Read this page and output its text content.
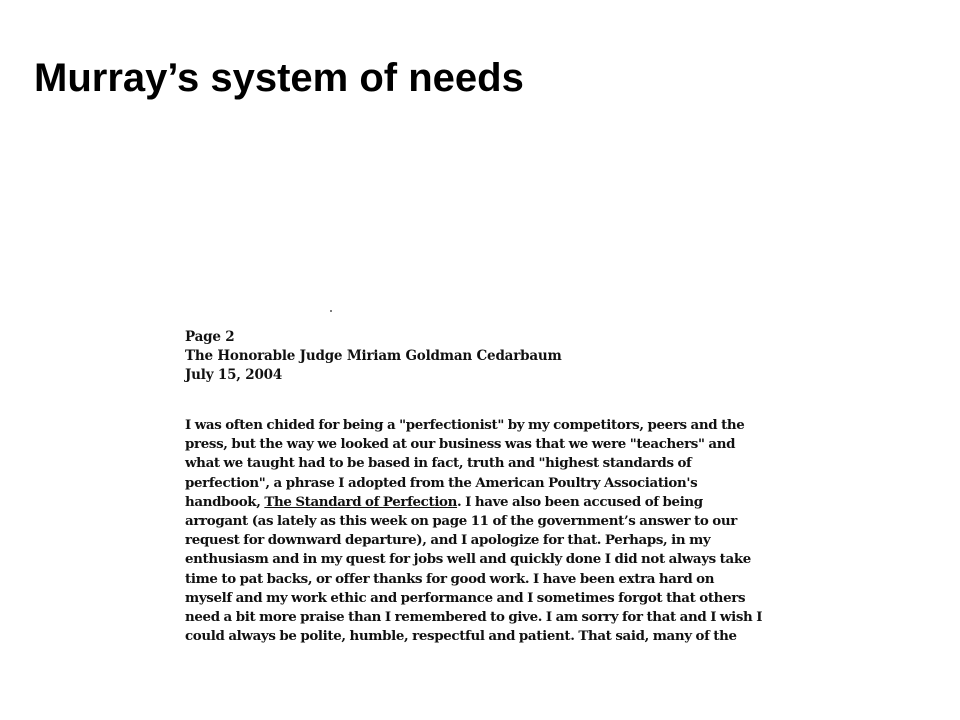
Murray’s system of needs
Page 2
The Honorable Judge Miriam Goldman Cedarbaum
July 15, 2004
I was often chided for being a "perfectionist" by my competitors, peers and the
press, but the way we looked at our business was that we were "teachers" and
what we taught had to be based in fact, truth and "highest standards of
perfection", a phrase I adopted from the American Poultry Association's
handbook, The Standard of Perfection. I have also been accused of being
arrogant (as lately as this week on page 11 of the government’s answer to our
request for downward departure), and I apologize for that. Perhaps, in my
enthusiasm and in my quest for jobs well and quickly done I did not always take
time to pat backs, or offer thanks for good work. I have been extra hard on
myself and my work ethic and performance and I sometimes forgot that others
need a bit more praise than I remembered to give. I am sorry for that and I wish I
could always be polite, humble, respectful and patient. That said, many of the
